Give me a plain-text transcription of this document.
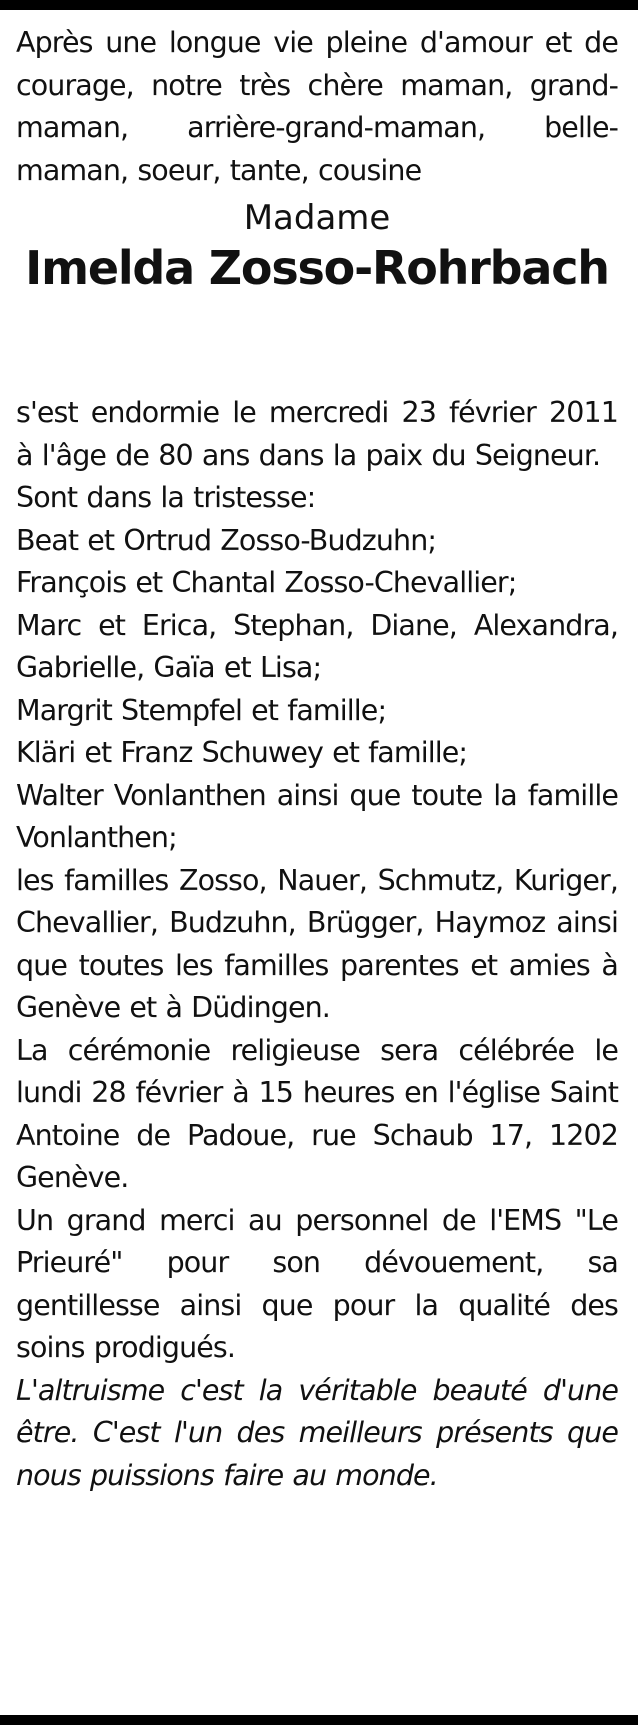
Après une longue vie pleine d'amour et de courage, notre très chère maman, grand-maman, arrière-grand-maman, belle-maman, soeur, tante, cousine

Madame

Imelda Zosso-Rohrbach

s'est endormie le mercredi 23 février 2011 à l'âge de 80 ans dans la paix du Seigneur.

Sont dans la tristesse:

Beat et Ortrud Zosso-Budzuhn;

François et Chantal Zosso-Chevallier;

Marc et Erica, Stephan, Diane, Alexandra, Gabrielle, Gaïa et Lisa;

Margrit Stempfel et famille;

Kläri et Franz Schuwey et famille;

Walter Vonlanthen ainsi que toute la famille Vonlanthen;

les familles Zosso, Nauer, Schmutz, Kuriger, Chevallier, Budzuhn, Brügger, Haymoz ainsi que toutes les familles parentes et amies à Genève et à Düdingen.

La cérémonie religieuse sera célébrée le lundi 28 février à 15 heures en l'église Saint Antoine de Padoue, rue Schaub 17, 1202 Genève.

Un grand merci au personnel de l'EMS "Le Prieuré" pour son dévouement, sa gentillesse ainsi que pour la qualité des soins prodigués.

L'altruisme c'est la véritable beauté d'une être. C'est l'un des meilleurs présents que nous puissions faire au monde.
